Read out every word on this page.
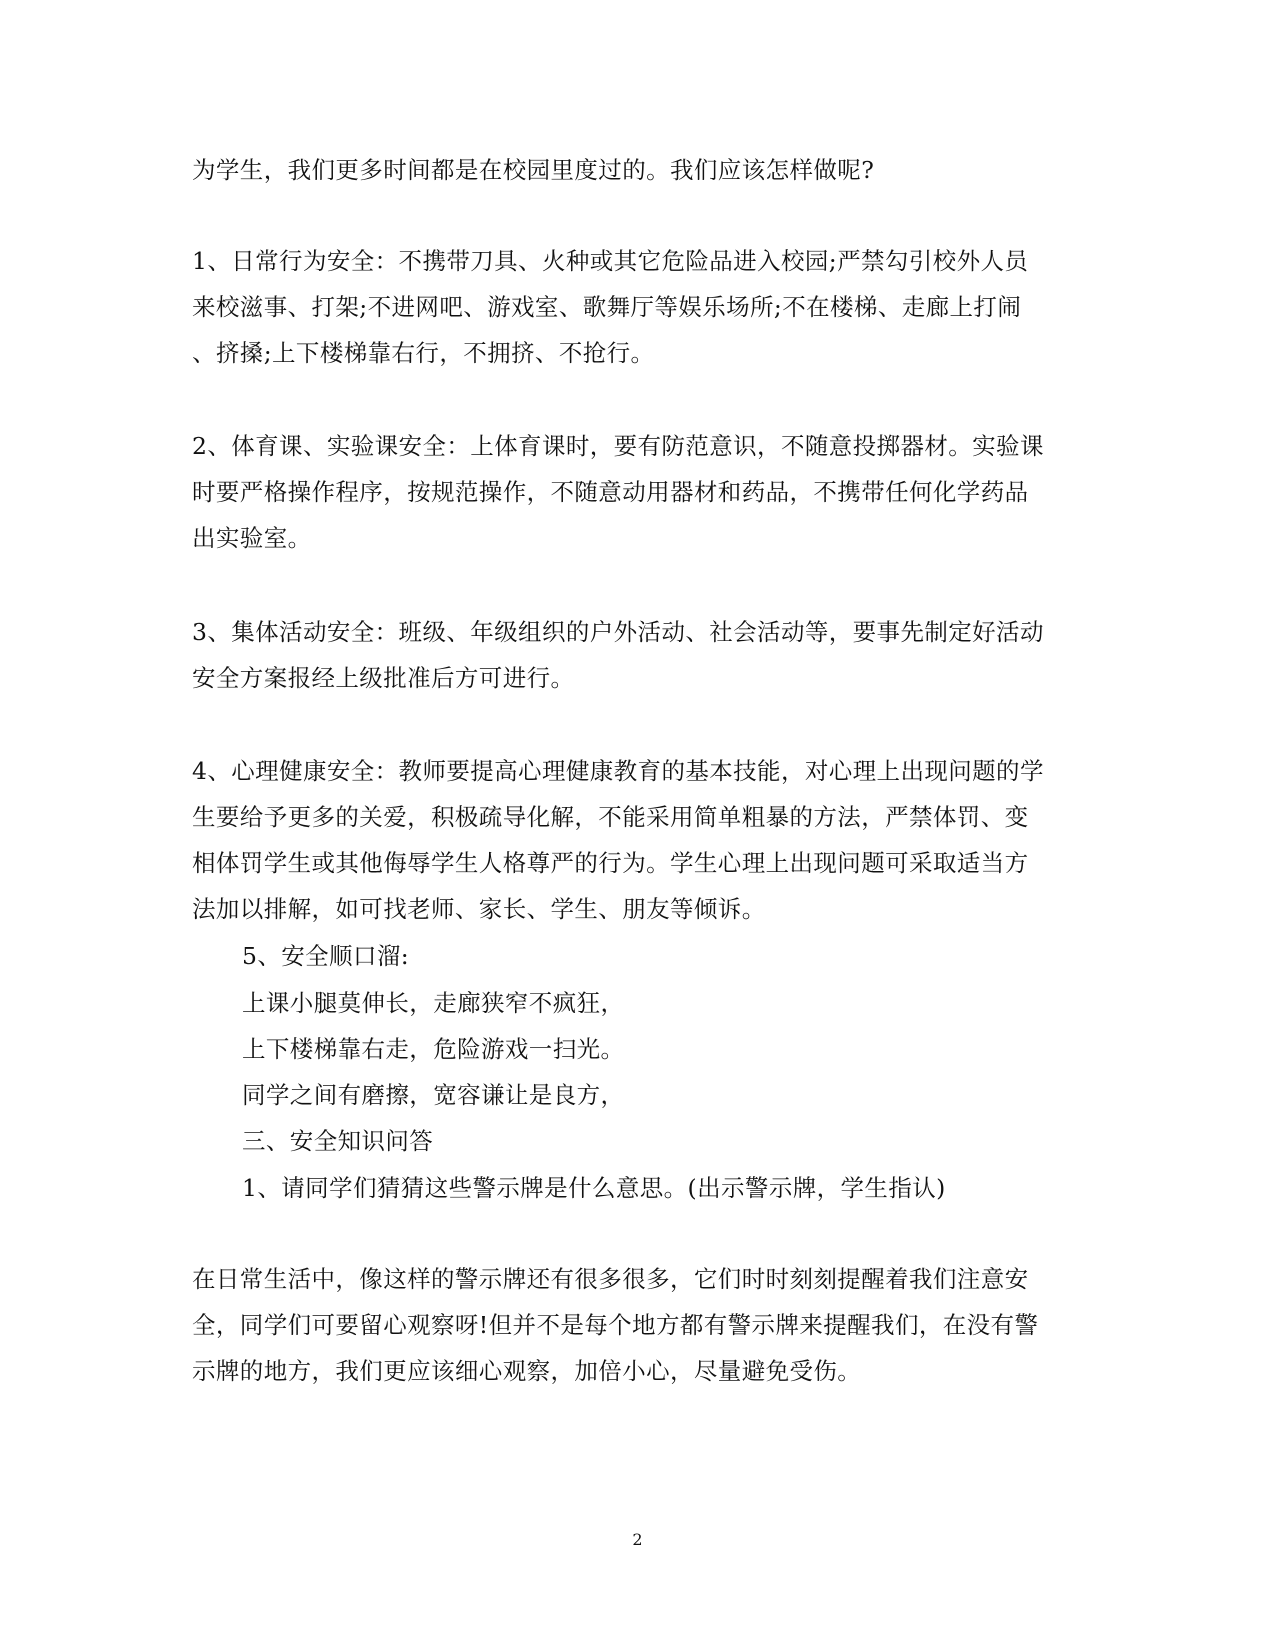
为学生，我们更多时间都是在校园里度过的。我们应该怎样做呢?
1、日常行为安全：不携带刀具、火种或其它危险品进入校园;严禁勾引校外人员
来校滋事、打架;不进网吧、游戏室、歌舞厅等娱乐场所;不在楼梯、走廊上打闹
、挤搡;上下楼梯靠右行，不拥挤、不抢行。
2、体育课、实验课安全：上体育课时，要有防范意识，不随意投掷器材。实验课
时要严格操作程序，按规范操作，不随意动用器材和药品，不携带任何化学药品
出实验室。
3、集体活动安全：班级、年级组织的户外活动、社会活动等，要事先制定好活动
安全方案报经上级批准后方可进行。
4、心理健康安全：教师要提高心理健康教育的基本技能，对心理上出现问题的学
生要给予更多的关爱，积极疏导化解，不能采用简单粗暴的方法，严禁体罚、变
相体罚学生或其他侮辱学生人格尊严的行为。学生心理上出现问题可采取适当方
法加以排解，如可找老师、家长、学生、朋友等倾诉。
5、安全顺口溜:
上课小腿莫伸长，走廊狭窄不疯狂，
上下楼梯靠右走，危险游戏一扫光。
同学之间有磨擦，宽容谦让是良方，
三、安全知识问答
1、请同学们猜猜这些警示牌是什么意思。(出示警示牌，学生指认)
在日常生活中，像这样的警示牌还有很多很多，它们时时刻刻提醒着我们注意安
全，同学们可要留心观察呀!但并不是每个地方都有警示牌来提醒我们，在没有警
示牌的地方，我们更应该细心观察，加倍小心，尽量避免受伤。
2
